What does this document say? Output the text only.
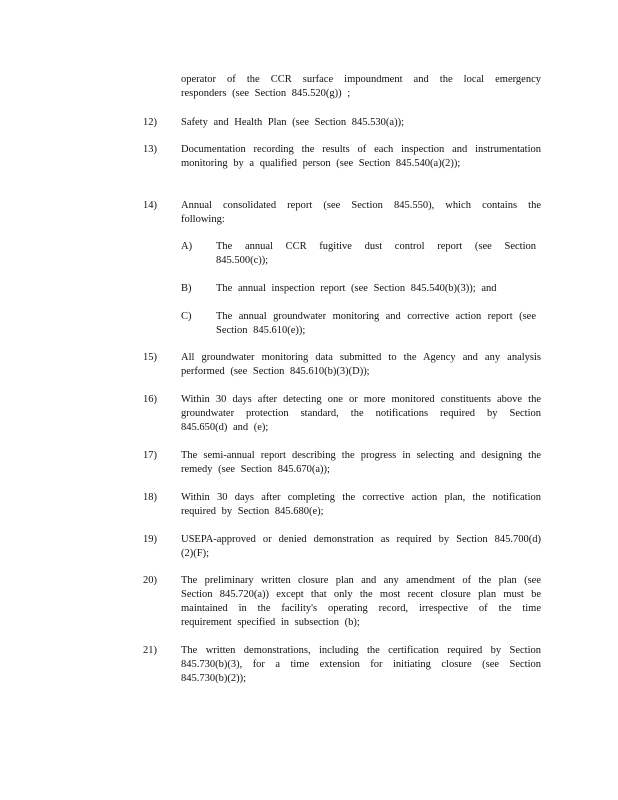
operator of the CCR surface impoundment and the local emergency responders (see Section 845.520(g)) ;
12) Safety and Health Plan (see Section 845.530(a));
13) Documentation recording the results of each inspection and instrumentation monitoring by a qualified person (see Section 845.540(a)(2));
14) Annual consolidated report (see Section 845.550), which contains the following:
A) The annual CCR fugitive dust control report (see Section 845.500(c));
B) The annual inspection report (see Section 845.540(b)(3)); and
C) The annual groundwater monitoring and corrective action report (see Section 845.610(e));
15) All groundwater monitoring data submitted to the Agency and any analysis performed (see Section 845.610(b)(3)(D));
16) Within 30 days after detecting one or more monitored constituents above the groundwater protection standard, the notifications required by Section 845.650(d) and (e);
17) The semi-annual report describing the progress in selecting and designing the remedy (see Section 845.670(a));
18) Within 30 days after completing the corrective action plan, the notification required by Section 845.680(e);
19) USEPA-approved or denied demonstration as required by Section 845.700(d)(2)(F);
20) The preliminary written closure plan and any amendment of the plan (see Section 845.720(a)) except that only the most recent closure plan must be maintained in the facility's operating record, irrespective of the time requirement specified in subsection (b);
21) The written demonstrations, including the certification required by Section 845.730(b)(3), for a time extension for initiating closure (see Section 845.730(b)(2));
